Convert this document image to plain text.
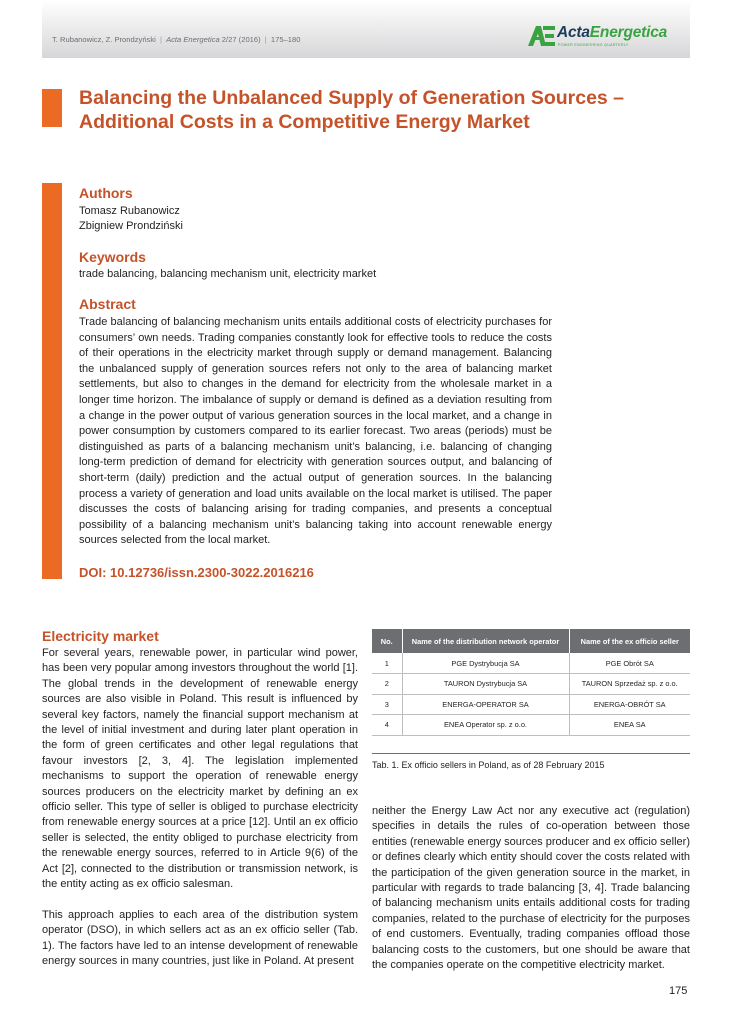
T. Rubanowicz, Z. Prondzyński | Acta Energetica 2/27 (2016) | 175–180	ActaEnergetica
POWER ENGINEERING QUARTERLY
Balancing the Unbalanced Supply of Generation Sources –
Additional Costs in a Competitive Energy Market
Authors
Tomasz Rubanowicz
Zbigniew Prondziński
Keywords
trade balancing, balancing mechanism unit, electricity market
Abstract
Trade balancing of balancing mechanism units entails additional costs of electricity purchases for consumers’ own needs. Trading companies constantly look for effective tools to reduce the costs of their operations in the electricity market through supply or demand management. Balancing the unbalanced supply of generation sources refers not only to the area of balancing market settlements, but also to changes in the demand for electricity from the wholesale market in a longer time horizon. The imbalance of supply or demand is defined as a deviation resulting from a change in the power output of various generation sources in the local market, and a change in power consumption by customers compared to its earlier forecast. Two areas (periods) must be distinguished as parts of a balancing mechanism unit’s balancing, i.e. balancing of changing long-term prediction of demand for electricity with generation sources output, and balancing of short-term (daily) prediction and the actual output of generation sources. In the balancing process a variety of generation and load units available on the local market is utilised. The paper discusses the costs of balancing arising for trading companies, and presents a conceptual possibility of a balancing mechanism unit’s balancing taking into account renewable energy sources selected from the local market.
DOI: 10.12736/issn.2300-3022.2016216
Electricity market

For several years, renewable power, in particular wind power, has been very popular among investors throughout the world [1]. The global trends in the development of renewable energy sources are also visible in Poland. This result is influenced by several key factors, namely the financial support mechanism at the level of initial investment and during later plant operation in the form of green certificates and other legal regulations that favour investors [2, 3, 4]. The legislation implemented mechanisms to support the operation of renewable energy sources producers on the electricity market by defining an ex officio seller. This type of seller is obliged to purchase electricity from renewable energy sources at a price [12]. Until an ex officio seller is selected, the entity obliged to purchase electricity from the renewable energy sources, referred to in Article 9(6) of the Act [2], connected to the distribution or transmission network, is the entity acting as ex officio salesman.

This approach applies to each area of the distribution system operator (DSO), in which sellers act as an ex officio seller (Tab. 1). The factors have led to an intense development of renewable energy sources in many countries, just like in Poland. At present

No.	Name of the distribution network operator	Name of the ex officio seller
1	PGE Dystrybucja SA	PGE Obrót SA
2	TAURON Dystrybucja SA	TAURON Sprzedaż sp. z o.o.
3	ENERGA-OPERATOR SA	ENERGA-OBRÓT SA
4	ENEA Operator sp. z o.o.	ENEA SA
Tab. 1. Ex officio sellers in Poland, as of 28 February 2015

neither the Energy Law Act nor any executive act (regulation) specifies in details the rules of co-operation between those entities (renewable energy sources producer and ex officio seller) or defines clearly which entity should cover the costs related with the participation of the given generation source in the market, in particular with regards to trade balancing [3, 4]. Trade balancing of balancing mechanism units entails additional costs for trading companies, related to the purchase of electricity for the purposes of end customers. Eventually, trading companies offload those balancing costs to the customers, but one should be aware that the companies operate on the competitive electricity market.

175
